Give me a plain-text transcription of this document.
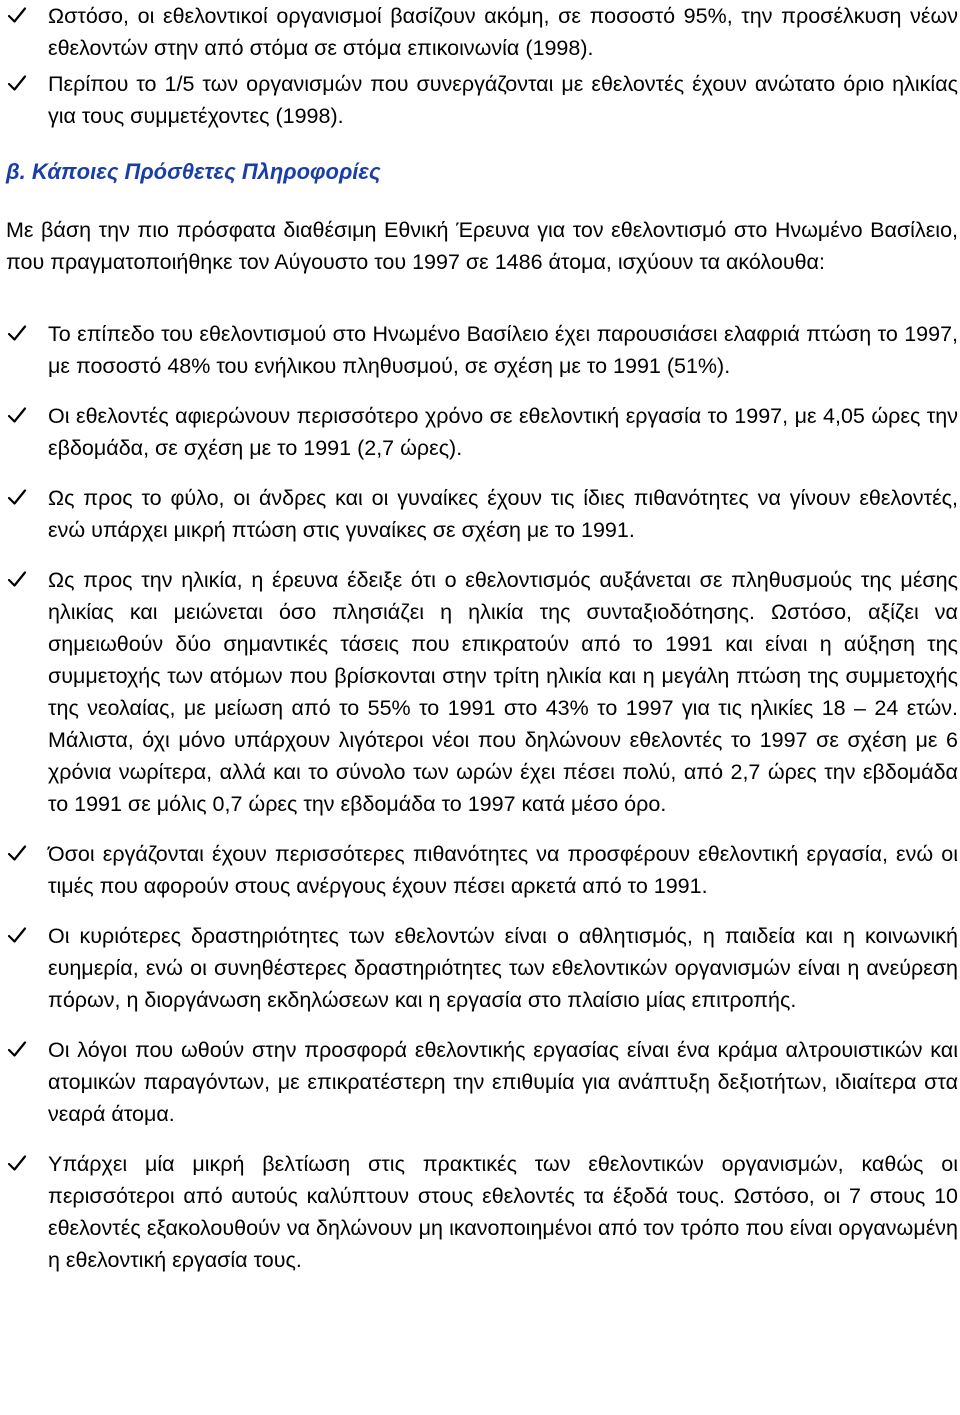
Ωστόσο, οι εθελοντικοί οργανισμοί βασίζουν ακόμη, σε ποσοστό 95%, την προσέλκυση νέων εθελοντών στην από στόμα σε στόμα επικοινωνία (1998).
Περίπου το 1/5 των οργανισμών που συνεργάζονται με εθελοντές έχουν ανώτατο όριο ηλικίας για τους συμμετέχοντες (1998).
β. Κάποιες Πρόσθετες Πληροφορίες
Με βάση την πιο πρόσφατα διαθέσιμη Εθνική Έρευνα για τον εθελοντισμό στο Ηνωμένο Βασίλειο, που πραγματοποιήθηκε τον Αύγουστο του 1997 σε 1486 άτομα, ισχύουν τα ακόλουθα:
Το επίπεδο του εθελοντισμού στο Ηνωμένο Βασίλειο έχει παρουσιάσει ελαφριά πτώση το 1997, με ποσοστό 48% του ενήλικου πληθυσμού, σε σχέση με το 1991 (51%).
Οι εθελοντές αφιερώνουν περισσότερο χρόνο σε εθελοντική εργασία το 1997, με 4,05 ώρες την εβδομάδα, σε σχέση με το 1991 (2,7 ώρες).
Ως προς το φύλο, οι άνδρες και οι γυναίκες έχουν τις ίδιες πιθανότητες να γίνουν εθελοντές, ενώ υπάρχει μικρή πτώση στις γυναίκες σε σχέση με το 1991.
Ως προς την ηλικία, η έρευνα έδειξε ότι ο εθελοντισμός αυξάνεται σε πληθυσμούς της μέσης ηλικίας και μειώνεται όσο πλησιάζει η ηλικία της συνταξιοδότησης. Ωστόσο, αξίζει να σημειωθούν δύο σημαντικές τάσεις που επικρατούν από το 1991 και είναι η αύξηση της συμμετοχής των ατόμων που βρίσκονται στην τρίτη ηλικία και η μεγάλη πτώση της συμμετοχής της νεολαίας, με μείωση από το 55% το 1991 στο 43% το 1997 για τις ηλικίες 18 – 24 ετών. Μάλιστα, όχι μόνο υπάρχουν λιγότεροι νέοι που δηλώνουν εθελοντές το 1997 σε σχέση με 6 χρόνια νωρίτερα, αλλά και το σύνολο των ωρών έχει πέσει πολύ, από 2,7 ώρες την εβδομάδα το 1991 σε μόλις 0,7 ώρες την εβδομάδα το 1997 κατά μέσο όρο.
Όσοι εργάζονται έχουν περισσότερες πιθανότητες να προσφέρουν εθελοντική εργασία, ενώ οι τιμές που αφορούν στους ανέργους έχουν πέσει αρκετά από το 1991.
Οι κυριότερες δραστηριότητες των εθελοντών είναι ο αθλητισμός, η παιδεία και η κοινωνική ευημερία, ενώ οι συνηθέστερες δραστηριότητες των εθελοντικών οργανισμών είναι η ανεύρεση πόρων, η διοργάνωση εκδηλώσεων και η εργασία στο πλαίσιο μίας επιτροπής.
Οι λόγοι που ωθούν στην προσφορά εθελοντικής εργασίας είναι ένα κράμα αλτρουιστικών και ατομικών παραγόντων, με επικρατέστερη την επιθυμία για ανάπτυξη δεξιοτήτων, ιδιαίτερα στα νεαρά άτομα.
Υπάρχει μία μικρή βελτίωση στις πρακτικές των εθελοντικών οργανισμών, καθώς οι περισσότεροι από αυτούς καλύπτουν στους εθελοντές τα έξοδά τους. Ωστόσο, οι 7 στους 10 εθελοντές εξακολουθούν να δηλώνουν μη ικανοποιημένοι από τον τρόπο που είναι οργανωμένη η εθελοντική εργασία τους.
